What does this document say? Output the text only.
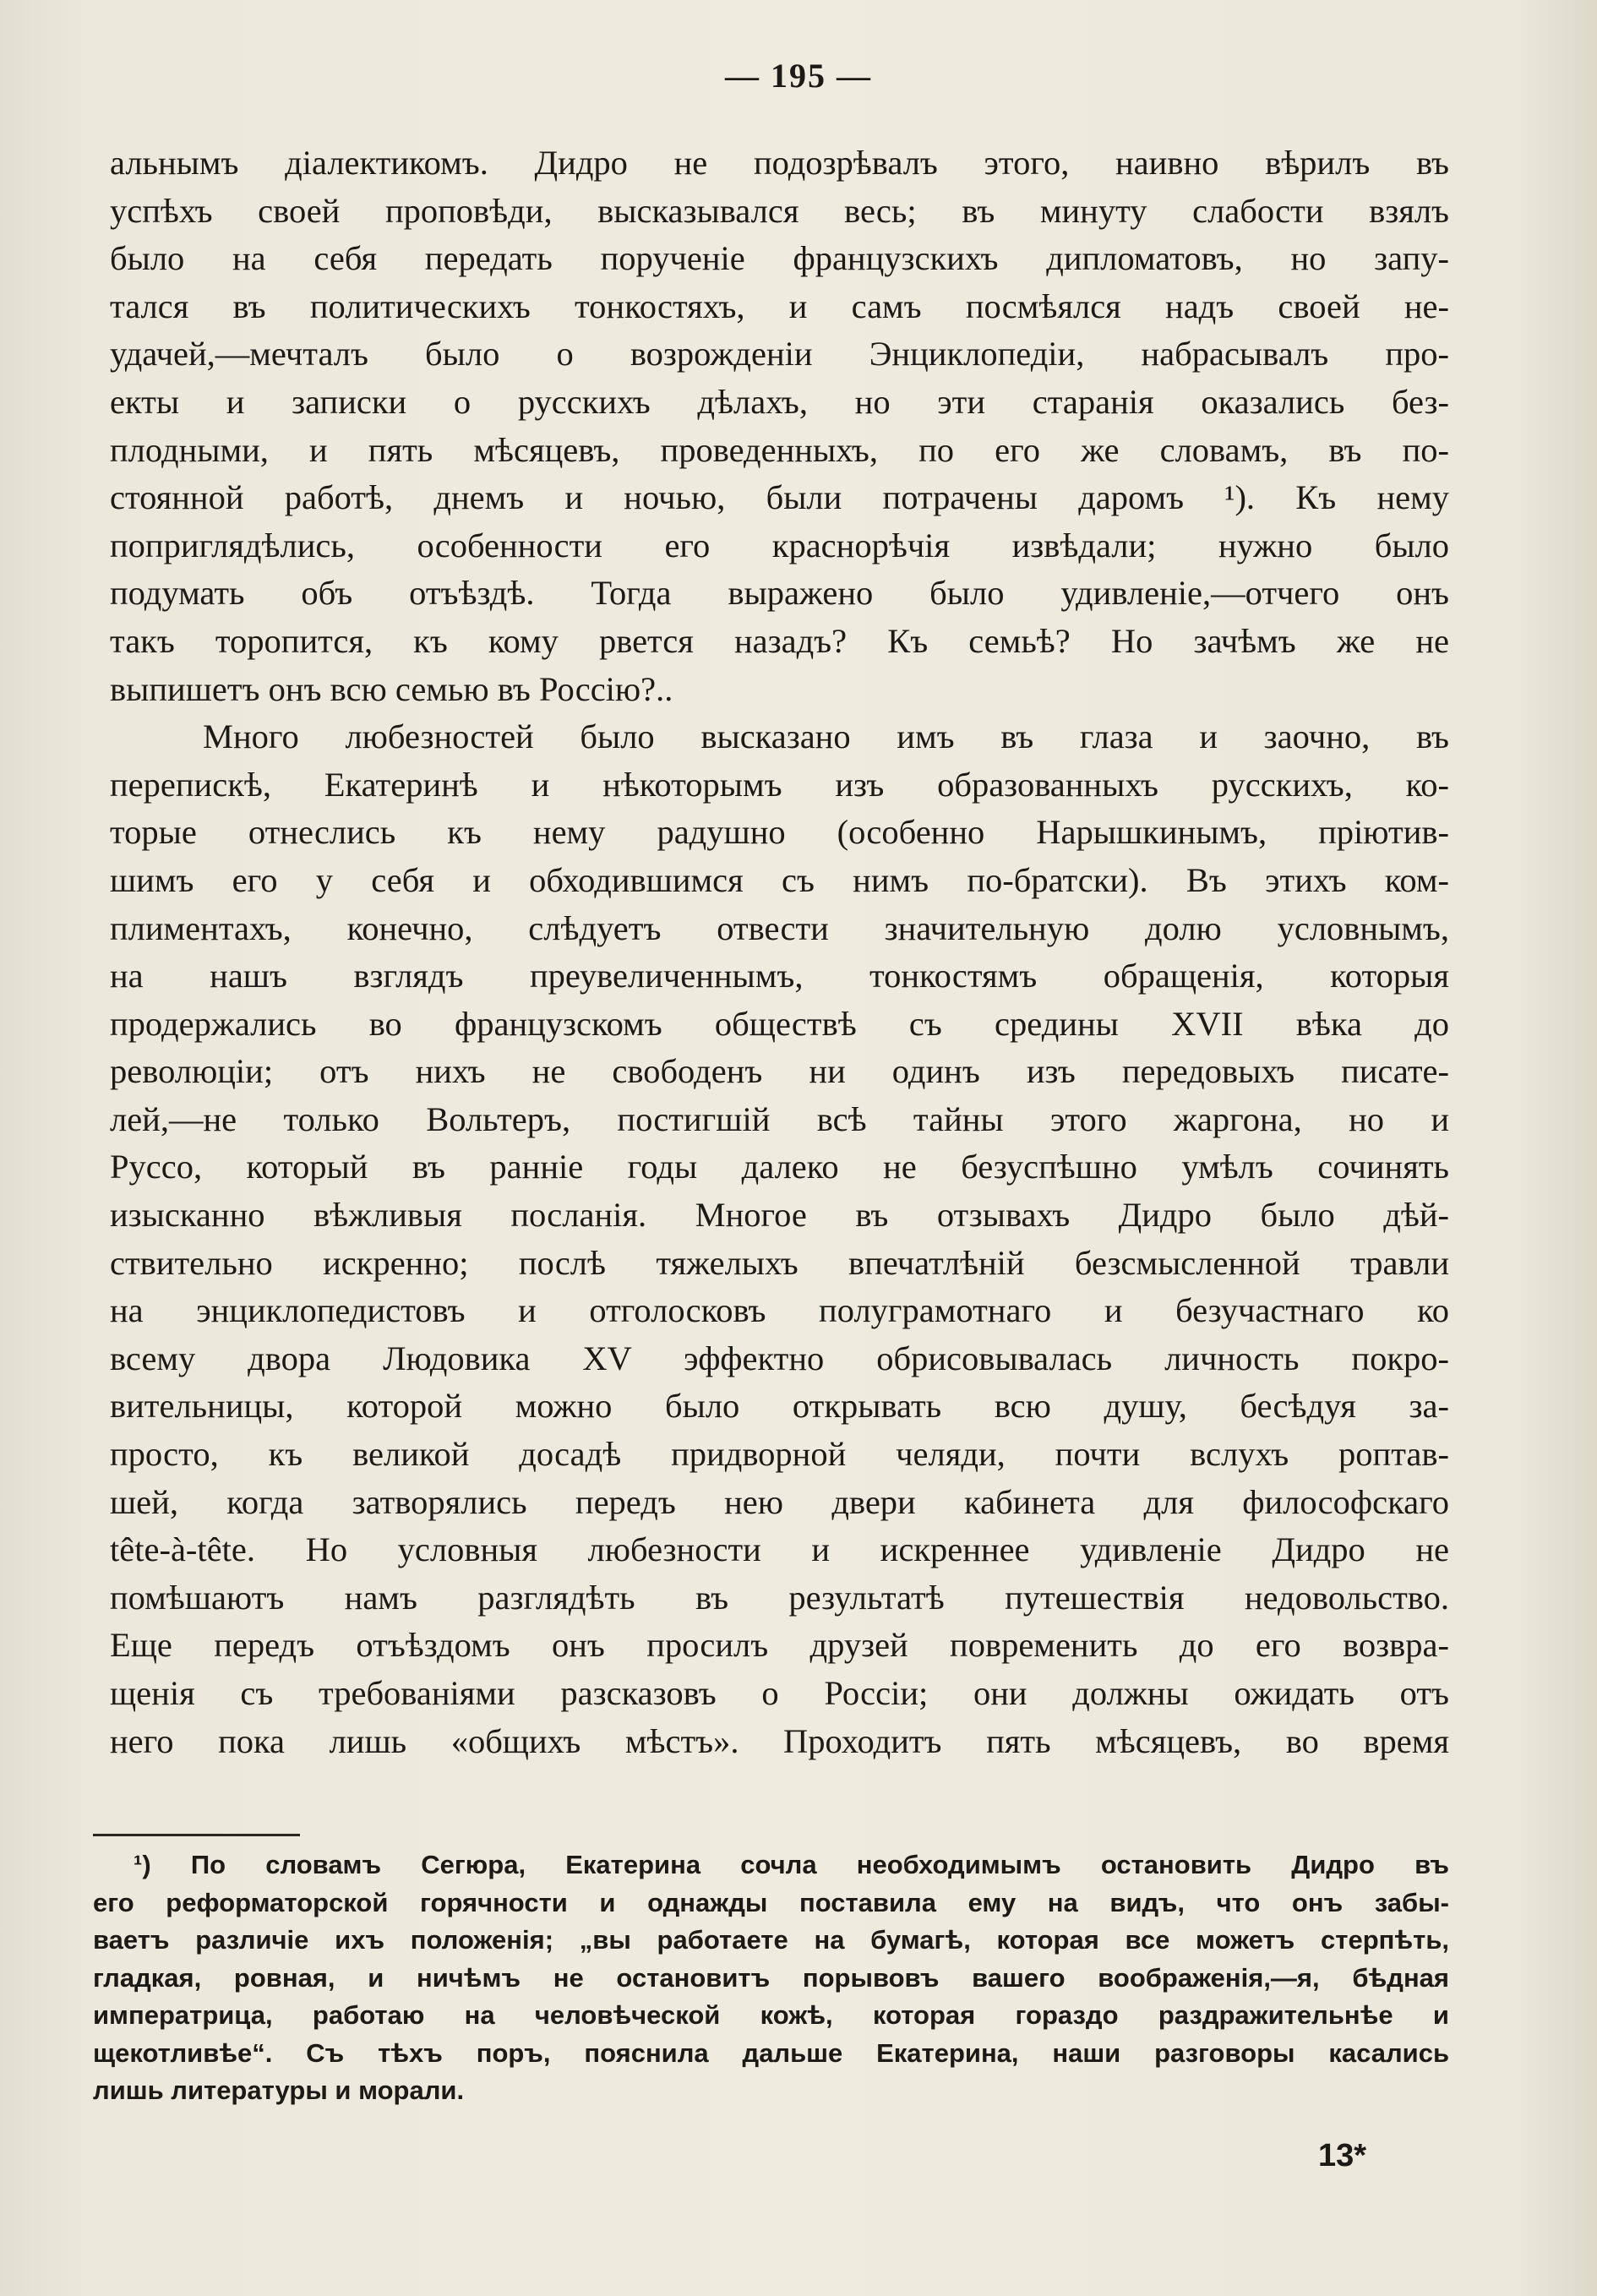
— 195 —

альнымъ діалектикомъ. Дидро не подозрѣвалъ этого, наивно вѣрилъ въ
успѣхъ своей проповѣди, высказывался весь; въ минуту слабости взялъ
было на себя передать порученіе французскихъ дипломатовъ, но запу-
тался въ политическихъ тонкостяхъ, и самъ посмѣялся надъ своей не-
удачей,—мечталъ было о возрожденіи Энциклопедіи, набрасывалъ про-
екты и записки о русскихъ дѣлахъ, но эти старанія оказались без-
плодными, и пять мѣсяцевъ, проведенныхъ, по его же словамъ, въ по-
стоянной работѣ, днемъ и ночью, были потрачены даромъ ¹). Къ нему
поприглядѣлись, особенности его краснорѣчія извѣдали; нужно было
подумать объ отъѣздѣ. Тогда выражено было удивленіе,—отчего онъ
такъ торопится, къ кому рвется назадъ? Къ семьѣ? Но зачѣмъ же не
выпишетъ онъ всю семью въ Россію?..

Много любезностей было высказано имъ въ глаза и заочно, въ
перепискѣ, Екатеринѣ и нѣкоторымъ изъ образованныхъ русскихъ, ко-
торые отнеслись къ нему радушно (особенно Нарышкинымъ, пріютив-
шимъ его у себя и обходившимся съ нимъ по-братски). Въ этихъ ком-
плиментахъ, конечно, слѣдуетъ отвести значительную долю условнымъ,
на нашъ взглядъ преувеличеннымъ, тонкостямъ обращенія, которыя
продержались во французскомъ обществѣ съ средины XVII вѣка до
революціи; отъ нихъ не свободенъ ни одинъ изъ передовыхъ писате-
лей,—не только Вольтеръ, постигшій всѣ тайны этого жаргона, но и
Руссо, который въ ранніе годы далеко не безуспѣшно умѣлъ сочинять
изысканно вѣжливыя посланія. Многое въ отзывахъ Дидро было дѣй-
ствительно искренно; послѣ тяжелыхъ впечатлѣній безсмысленной травли
на энциклопедистовъ и отголосковъ полуграмотнаго и безучастнаго ко
всему двора Людовика XV эффектно обрисовывалась личность покро-
вительницы, которой можно было открывать всю душу, бесѣдуя за-
просто, къ великой досадѣ придворной челяди, почти вслухъ роптав-
шей, когда затворялись передъ нею двери кабинета для философскаго
tête-à-tête. Но условныя любезности и искреннее удивленіе Дидро не
помѣшаютъ намъ разглядѣть въ результатѣ путешествія недовольство.
Еще передъ отъѣздомъ онъ просилъ друзей повременить до его возвра-
щенія съ требованіями разсказовъ о Россіи; они должны ожидать отъ
него пока лишь «общихъ мѣстъ». Проходитъ пять мѣсяцевъ, во время

¹) По словамъ Сегюра, Екатерина сочла необходимымъ остановить Дидро въ
его реформаторской горячности и однажды поставила ему на видъ, что онъ забы-
ваетъ различіе ихъ положенія; „вы работаете на бумагѣ, которая все можетъ стерпѣть,
гладкая, ровная, и ничѣмъ не остановитъ порывовъ вашего воображенія,—я, бѣдная
императрица, работаю на человѣческой кожѣ, которая гораздо раздражительнѣе и
щекотливѣе“. Съ тѣхъ поръ, пояснила дальше Екатерина, наши разговоры касались
лишь литературы и морали.
13*
